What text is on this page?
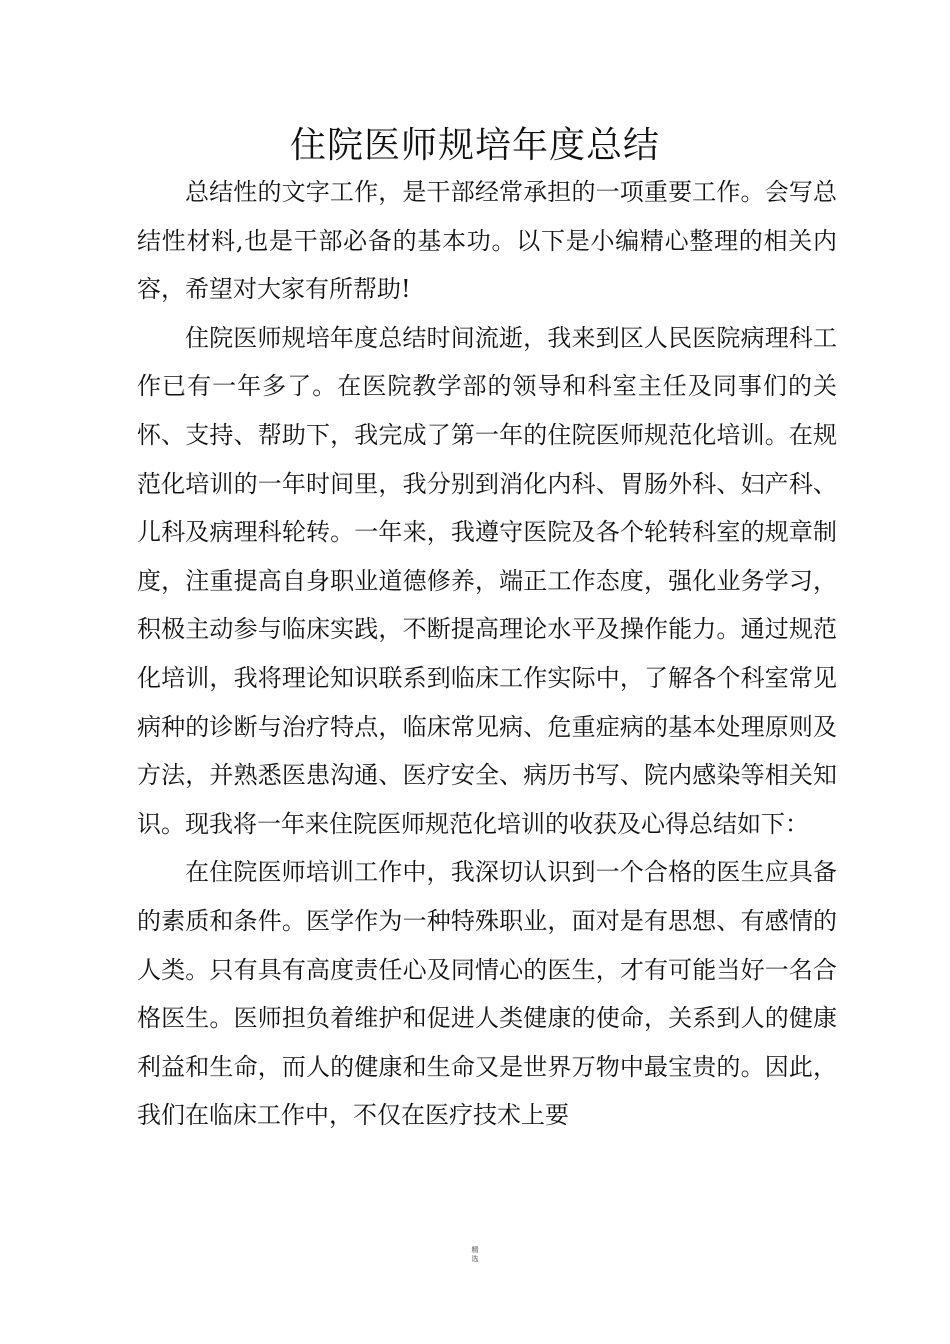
住院医师规培年度总结

总结性的文字工作，是干部经常承担的一项重要工作。会写总结性材料,也是干部必备的基本功。以下是小编精心整理的相关内容，希望对大家有所帮助!

住院医师规培年度总结时间流逝，我来到区人民医院病理科工作已有一年多了。在医院教学部的领导和科室主任及同事们的关怀、支持、帮助下，我完成了第一年的住院医师规范化培训。在规范化培训的一年时间里，我分别到消化内科、胃肠外科、妇产科、儿科及病理科轮转。一年来，我遵守医院及各个轮转科室的规章制度，注重提高自身职业道德修养，端正工作态度，强化业务学习，积极主动参与临床实践，不断提高理论水平及操作能力。通过规范化培训，我将理论知识联系到临床工作实际中，了解各个科室常见病种的诊断与治疗特点，临床常见病、危重症病的基本处理原则及方法，并熟悉医患沟通、医疗安全、病历书写、院内感染等相关知识。现我将一年来住院医师规范化培训的收获及心得总结如下：

在住院医师培训工作中，我深切认识到一个合格的医生应具备的素质和条件。医学作为一种特殊职业，面对是有思想、有感情的人类。只有具有高度责任心及同情心的医生，才有可能当好一名合格医生。医师担负着维护和促进人类健康的使命，关系到人的健康利益和生命，而人的健康和生命又是世界万物中最宝贵的。因此，我们在临床工作中，不仅在医疗技术上要

精选
